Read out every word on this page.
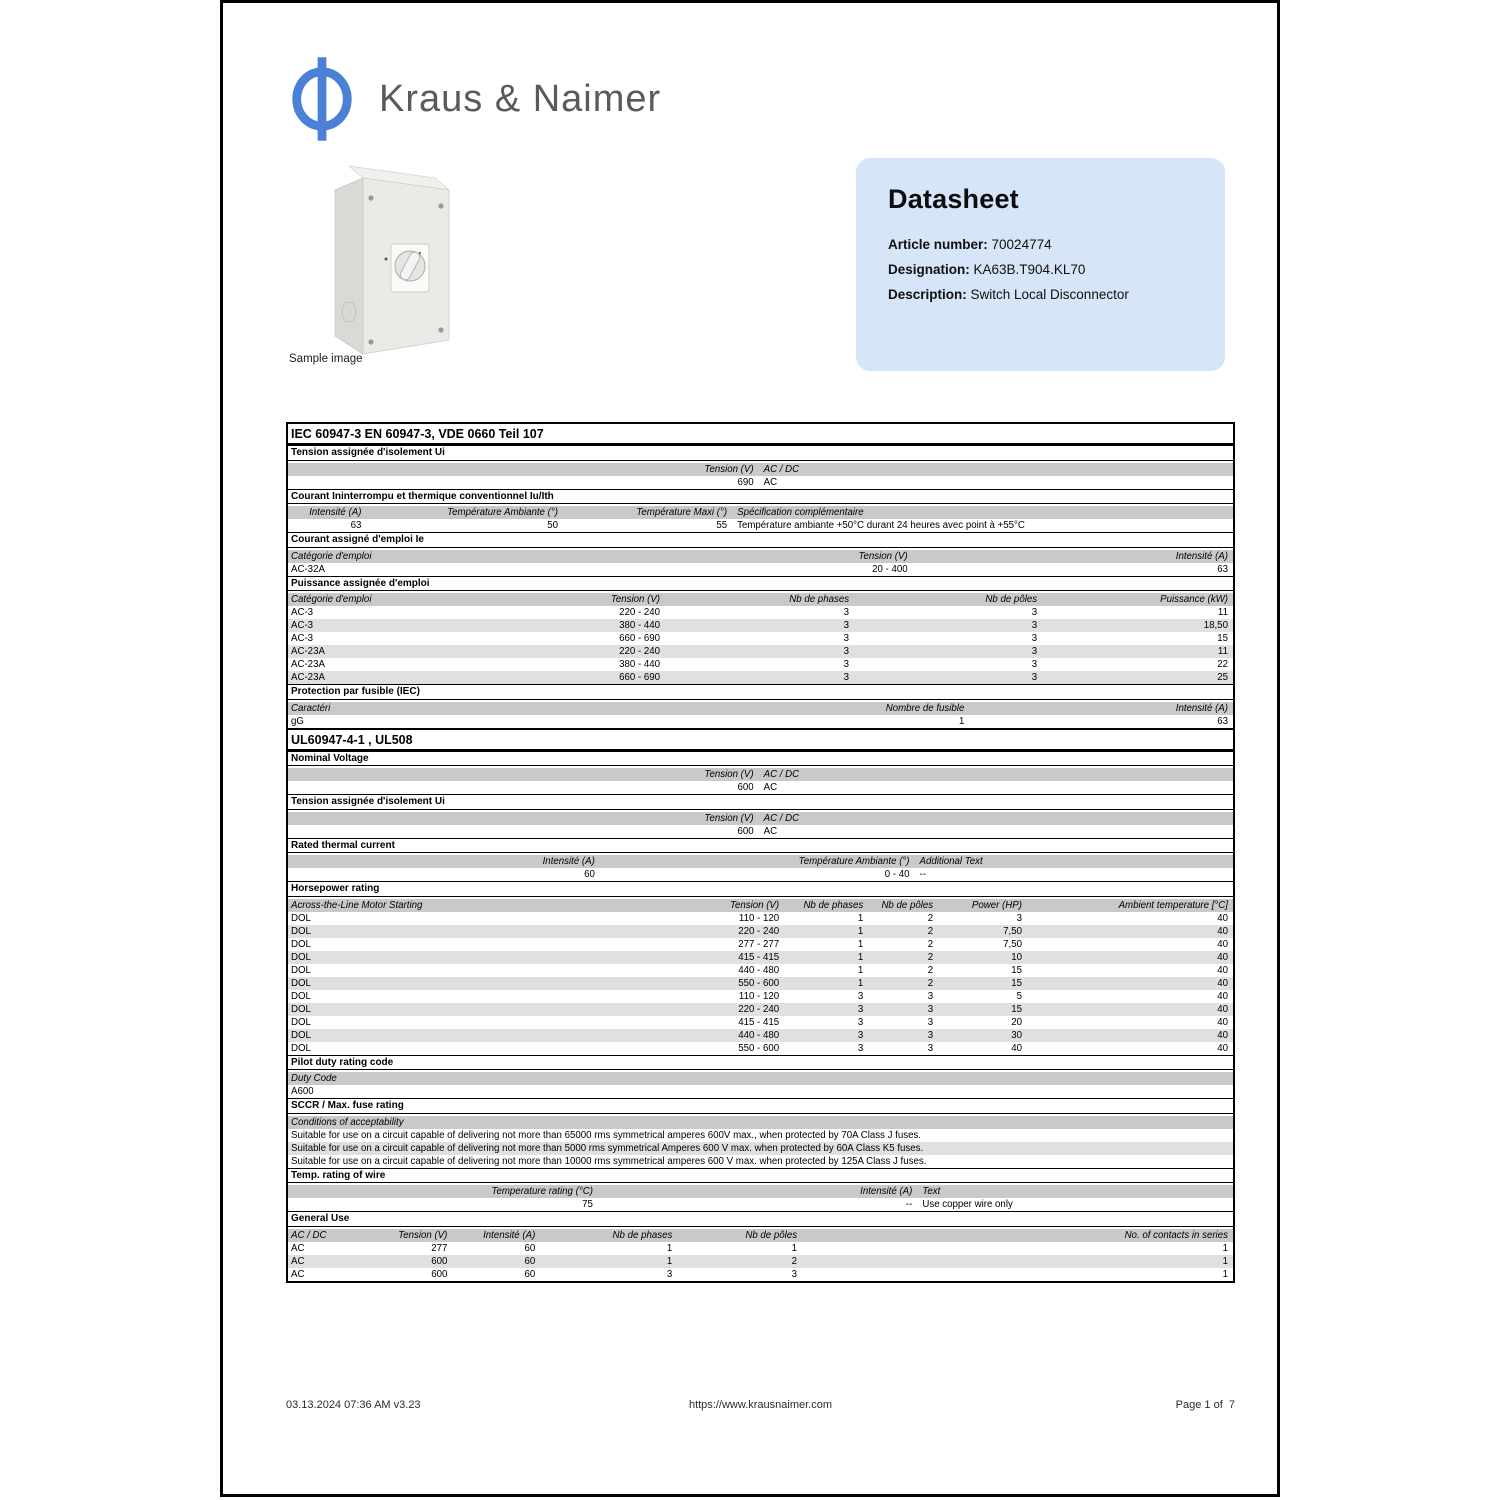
Kraus & Naimer
Sample image
Datasheet

Article number: 70024774

Designation: KA63B.T904.KL70

Description: Switch Local Disconnector

IEC 60947-3 EN 60947-3, VDE 0660 Teil 107
Tension assignée d'isolement Ui
Tension (V)	AC / DC
690	AC
Courant Ininterrompu et thermique conventionnel Iu/Ith
Intensité (A)	Température Ambiante (°)	Température Maxi (°)	Spécification complémentaire
63	50	55	Température ambiante +50°C durant 24 heures avec point à +55°C
Courant assigné d'emploi Ie
Catégorie d'emploi	Tension (V)	Intensité (A)
AC-32A	20 - 400	63
Puissance assignée d'emploi
Catégorie d'emploi	Tension (V)	Nb de phases	Nb de pôles	Puissance (kW)
AC-3	220 - 240	3	3	11
AC-3	380 - 440	3	3	18,50
AC-3	660 - 690	3	3	15
AC-23A	220 - 240	3	3	11
AC-23A	380 - 440	3	3	22
AC-23A	660 - 690	3	3	25
Protection par fusible (IEC)
Caractéri	Nombre de fusible	Intensité (A)
gG	1	63
UL60947-4-1 , UL508
Nominal Voltage
Tension (V)	AC / DC
600	AC
Tension assignée d'isolement Ui
Tension (V)	AC / DC
600	AC
Rated thermal current
Intensité (A)	Température Ambiante (°)	Additional Text
60	0 - 40	--
Horsepower rating
Across-the-Line Motor Starting	Tension (V)	Nb de phases	Nb de pôles	Power (HP)	Ambient temperature [°C]
DOL	110 - 120	1	2	3	40
DOL	220 - 240	1	2	7,50	40
DOL	277 - 277	1	2	7,50	40
DOL	415 - 415	1	2	10	40
DOL	440 - 480	1	2	15	40
DOL	550 - 600	1	2	15	40
DOL	110 - 120	3	3	5	40
DOL	220 - 240	3	3	15	40
DOL	415 - 415	3	3	20	40
DOL	440 - 480	3	3	30	40
DOL	550 - 600	3	3	40	40
Pilot duty rating code
Duty Code
A600
SCCR / Max. fuse rating
Conditions of acceptability
Suitable for use on a circuit capable of delivering not more than 65000 rms symmetrical amperes 600V max., when protected by 70A Class J fuses.
Suitable for use on a circuit capable of delivering not more than 5000 rms symmetrical Amperes 600 V max. when protected by 60A Class K5 fuses.
Suitable for use on a circuit capable of delivering not more than 10000 rms symmetrical amperes 600 V max. when protected by 125A Class J fuses.
Temp. rating of wire
Temperature rating (°C)	Intensité (A)	Text
75	--	Use copper wire only
General Use
AC / DC	Tension (V)	Intensité (A)	Nb de phases	Nb de pôles	No. of contacts in series
AC	277	60	1	1	1
AC	600	60	1	2	1
AC	600	60	3	3	1
03.13.2024 07:36 AM v3.23	https://www.krausnaimer.com	Page 1 of  7
